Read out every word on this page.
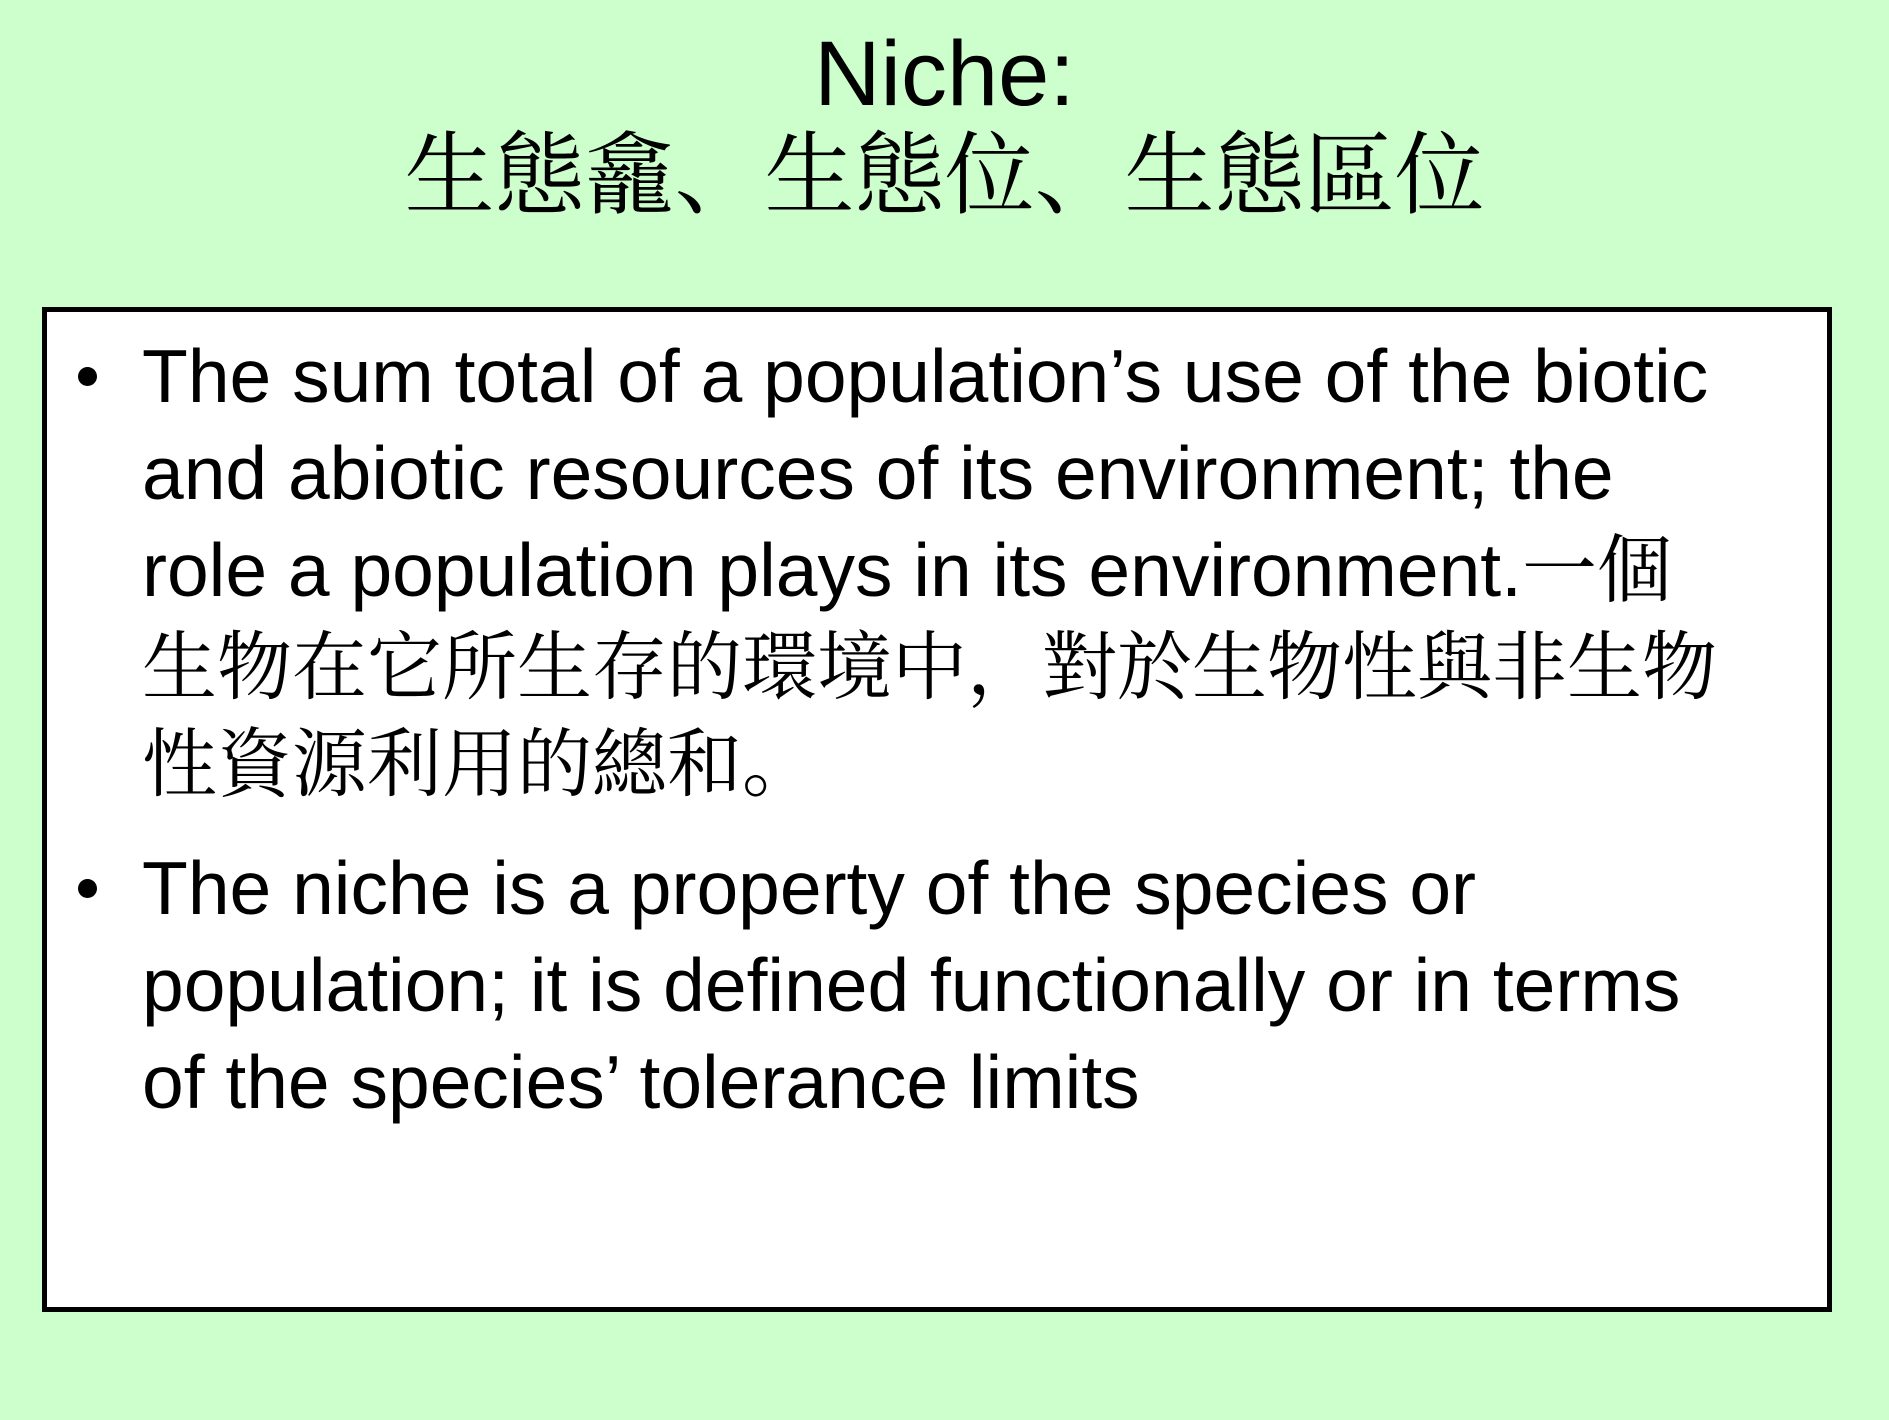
Niche:
生態龕、生態位、生態區位
The sum total of a population’s use of the biotic
and abiotic resources of its environment; the
role a population plays in its environment.一個
生物在它所生存的環境中，對於生物性與非生物
性資源利用的總和。
The niche is a property of the species or
population; it is defined functionally or in terms
of the species’ tolerance limits
